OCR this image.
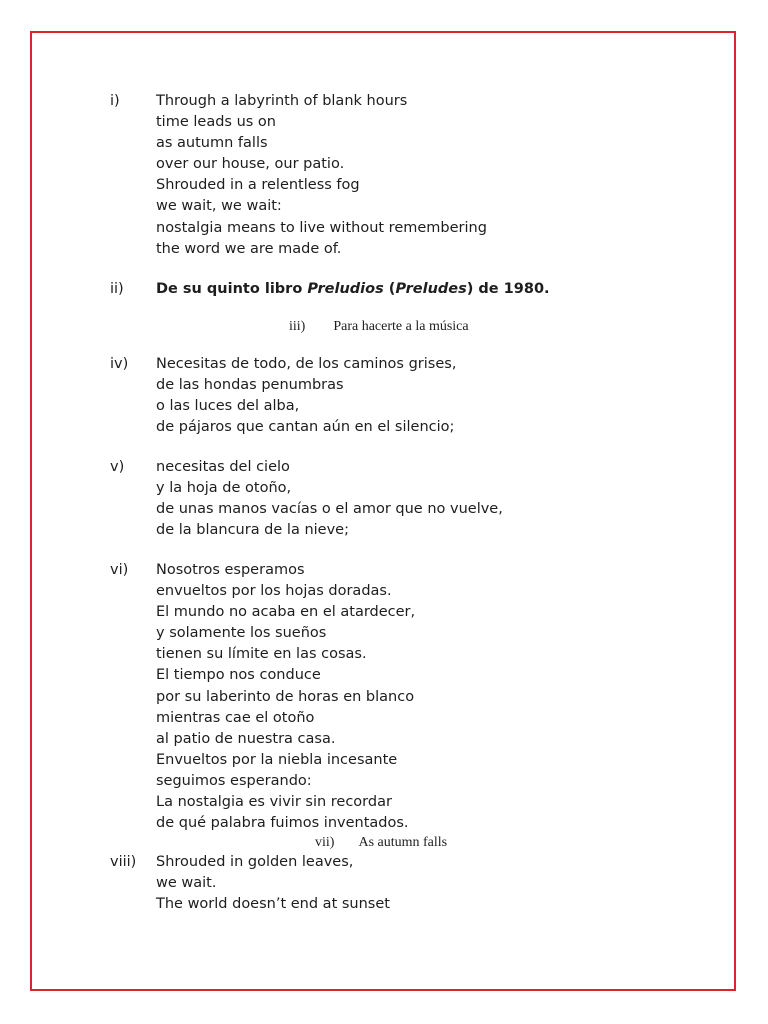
i)	Through a labyrinth of blank hours
time leads us on
as autumn falls
over our house, our patio.
Shrouded in a relentless fog
we wait, we wait:
nostalgia means to live without remembering
the word we are made of.
ii) De su quinto libro Preludios (Preludes) de 1980.
iii) Para hacerte a la música
iv) Necesitas de todo, de los caminos grises,
de las hondas penumbras
o las luces del alba,
de pájaros que cantan aún en el silencio;
v) necesitas del cielo
y la hoja de otoño,
de unas manos vacías o el amor que no vuelve,
de la blancura de la nieve;
vi) Nosotros esperamos
envueltos por los hojas doradas.
El mundo no acaba en el atardecer,
y solamente los sueños
tienen su límite en las cosas.
El tiempo nos conduce
por su laberinto de horas en blanco
mientras cae el otoño
al patio de nuestra casa.
Envueltos por la niebla incesante
seguimos esperando:
La nostalgia es vivir sin recordar
de qué palabra fuimos inventados.
vii) As autumn falls
viii) Shrouded in golden leaves,
we wait.
The world doesn’t end at sunset
